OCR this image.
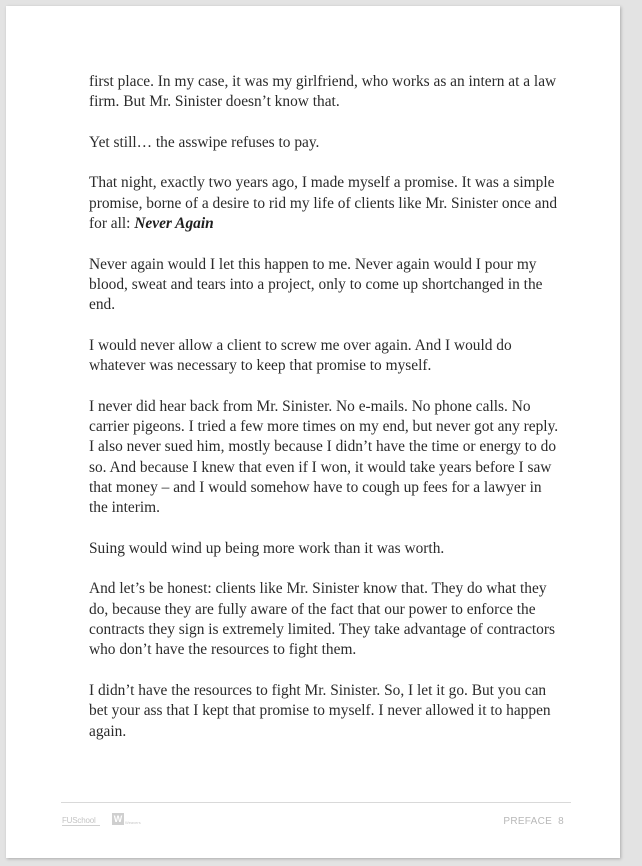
first place. In my case, it was my girlfriend, who works as an intern at a law firm. But Mr. Sinister doesn’t know that.

Yet still… the asswipe refuses to pay.

That night, exactly two years ago, I made myself a promise. It was a simple promise, borne of a desire to rid my life of clients like Mr. Sinister once and for all: Never Again

Never again would I let this happen to me. Never again would I pour my blood, sweat and tears into a project, only to come up shortchanged in the end.

I would never allow a client to screw me over again. And I would do whatever was necessary to keep that promise to myself.

I never did hear back from Mr. Sinister. No e-mails. No phone calls. No carrier pigeons. I tried a few more times on my end, but never got any reply. I also never sued him, mostly because I didn’t have the time or energy to do so. And because I knew that even if I won, it would take years before I saw that money – and I would somehow have to cough up fees for a lawyer in the interim.

Suing would wind up being more work than it was worth.

And let’s be honest: clients like Mr. Sinister know that. They do what they do, because they are fully aware of the fact that our power to enforce the contracts they sign is extremely limited. They take advantage of contractors who don’t have the resources to fight them.

I didn’t have the resources to fight Mr. Sinister. So, I let it go. But you can bet your ass that I kept that promise to myself. I never allowed it to happen again.

FUSchool W Weavers	PREFACE 8
